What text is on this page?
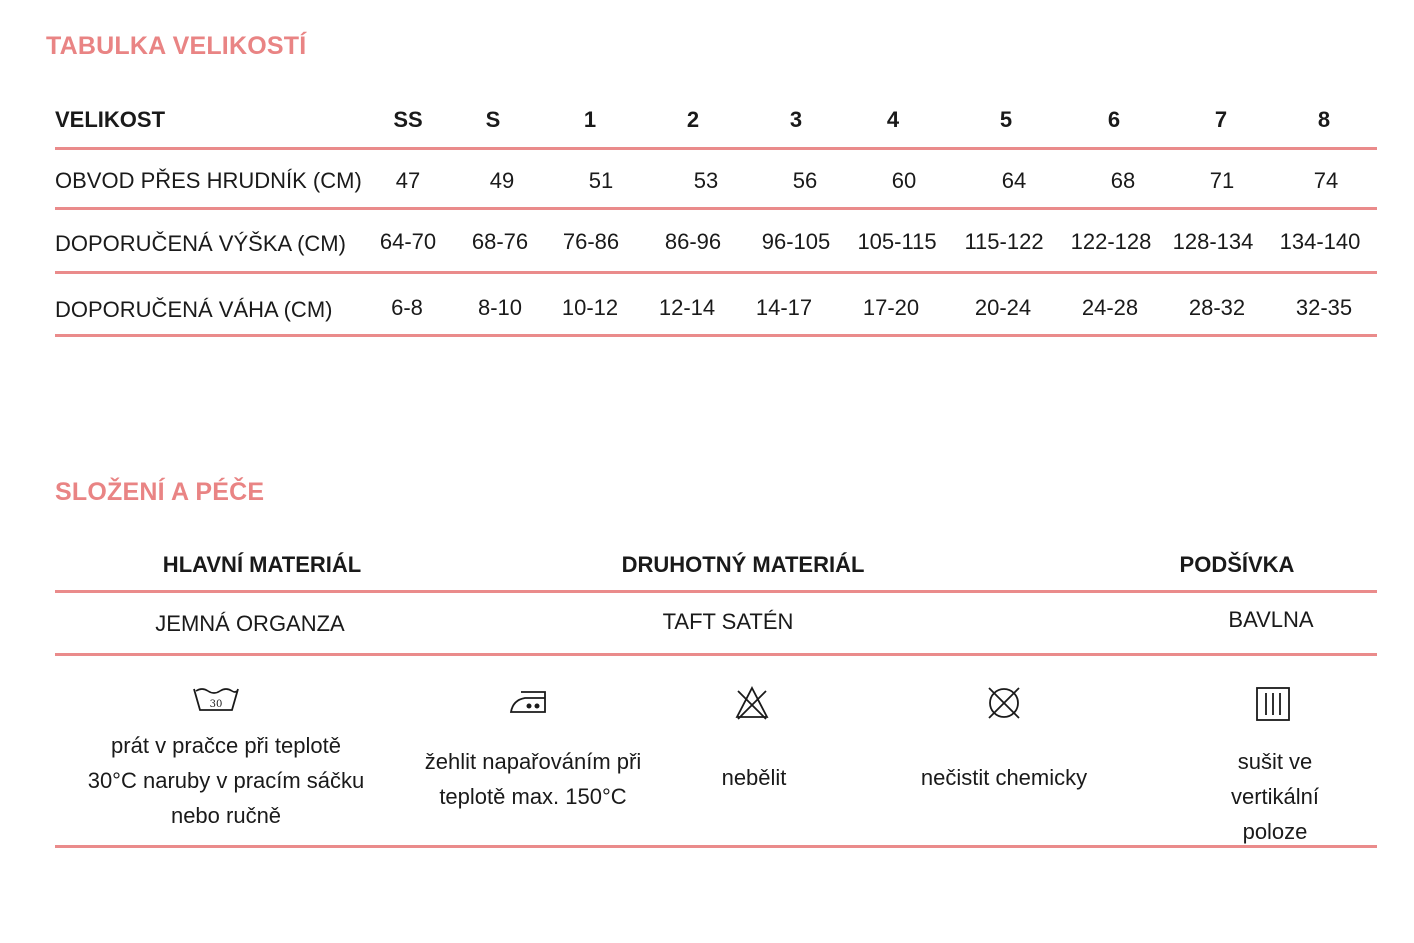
TABULKA VELIKOSTÍ
VELIKOST	SS	S	1	2	3	4	5	6	7	8
OBVOD PŘES HRUDNÍK (CM) 47	49	51	53	56	60	64	68	71	74
DOPORUČENÁ VÝŠKA (CM) 64-70 68-76 76-86 86-96 96-105 105-115 115-122 122-128 128-134 134-140
DOPORUČENÁ VÁHA (CM)	6-8	8-10 10-12 12-14 14-17 17-20	20-24 24-28 28-32 32-35
SLOŽENÍ A PÉČE
HLAVNÍ MATERIÁL	DRUHOTNÝ MATERIÁL	PODŠÍVKA
JEMNÁ ORGANZA	TAFT SATÉN	BAVLNA
30
prát v pračce při teplotě
30°C naruby v pracím sáčku
nebo ručně
žehlit napařováním při
teplotě max. 150°C
nebělit	nečistit chemicky
sušit ve vertikální
poloze
